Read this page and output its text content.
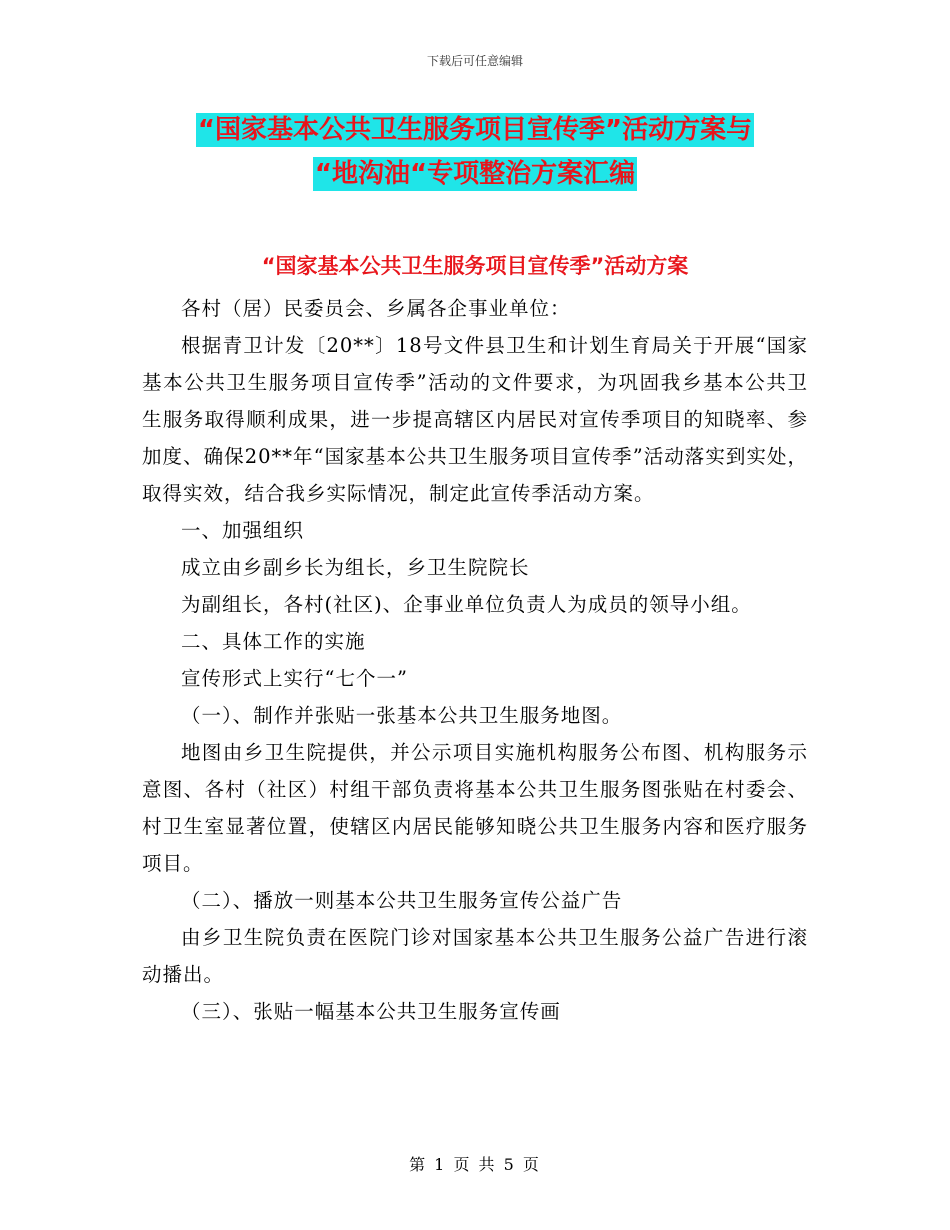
下载后可任意编辑
“国家基本公共卫生服务项目宣传季”活动方案与
“地沟油“专项整治方案汇编
“国家基本公共卫生服务项目宣传季”活动方案

各村（居）民委员会、乡属各企事业单位：

根据青卫计发〔20**〕18号文件县卫生和计划生育局关于开展“国家基本公共卫生服务项目宣传季”活动的文件要求，为巩固我乡基本公共卫生服务取得顺利成果，进一步提高辖区内居民对宣传季项目的知晓率、参加度、确保20**年“国家基本公共卫生服务项目宣传季”活动落实到实处，取得实效，结合我乡实际情况，制定此宣传季活动方案。

一、加强组织

成立由乡副乡长为组长，乡卫生院院长

为副组长，各村(社区)、企事业单位负责人为成员的领导小组。

二、具体工作的实施

宣传形式上实行“七个一”

（一）、制作并张贴一张基本公共卫生服务地图。

地图由乡卫生院提供，并公示项目实施机构服务公布图、机构服务示意图、各村（社区）村组干部负责将基本公共卫生服务图张贴在村委会、村卫生室显著位置，使辖区内居民能够知晓公共卫生服务内容和医疗服务项目。

（二）、播放一则基本公共卫生服务宣传公益广告

由乡卫生院负责在医院门诊对国家基本公共卫生服务公益广告进行滚动播出。

（三）、张贴一幅基本公共卫生服务宣传画

第 1 页 共 5 页
